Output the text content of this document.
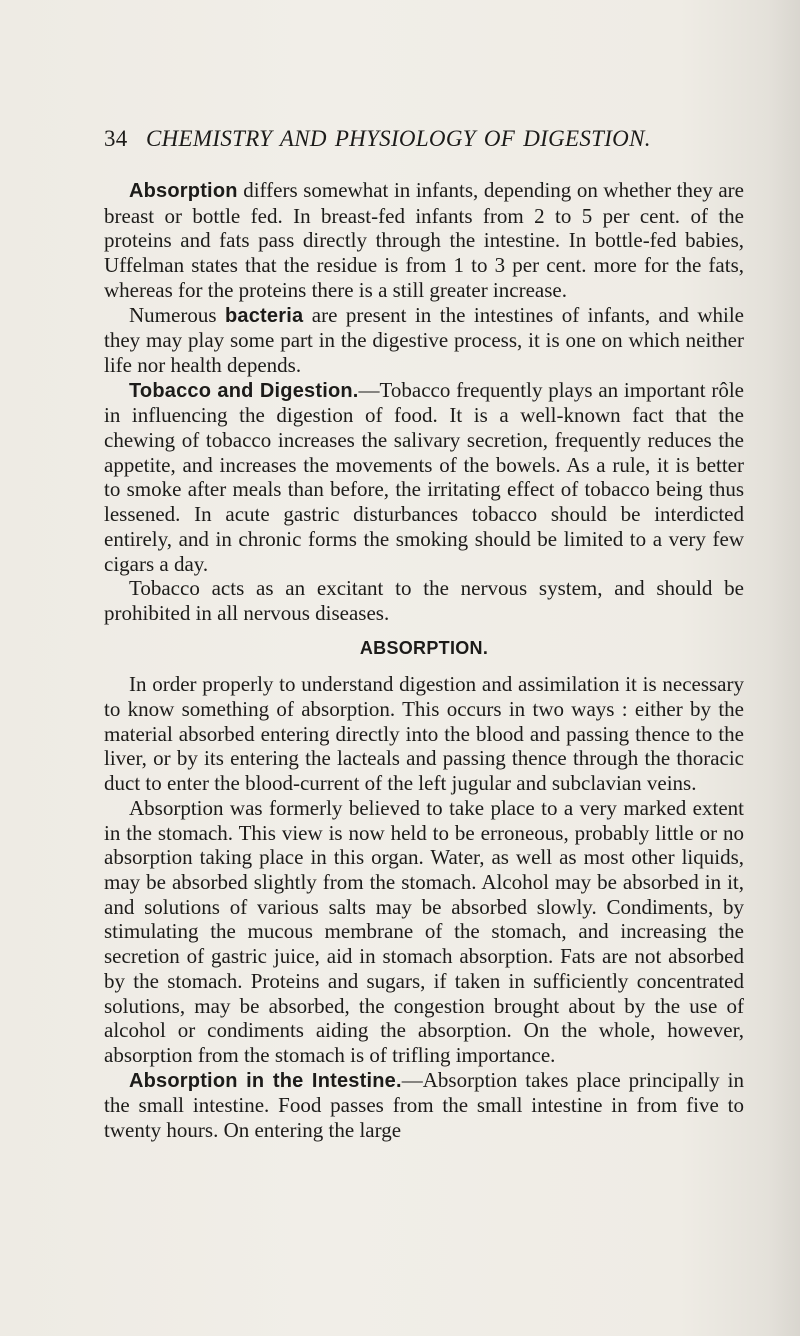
34 CHEMISTRY AND PHYSIOLOGY OF DIGESTION.

Absorption differs somewhat in infants, depending on whether they are breast or bottle fed. In breast-fed infants from 2 to 5 per cent. of the proteins and fats pass directly through the intestine. In bottle-fed babies, Uffelman states that the residue is from 1 to 3 per cent. more for the fats, whereas for the proteins there is a still greater increase.

Numerous bacteria are present in the intestines of infants, and while they may play some part in the digestive process, it is one on which neither life nor health depends.

Tobacco and Digestion.—Tobacco frequently plays an important rôle in influencing the digestion of food. It is a well-known fact that the chewing of tobacco increases the salivary secretion, frequently reduces the appetite, and increases the movements of the bowels. As a rule, it is better to smoke after meals than before, the irritating effect of tobacco being thus lessened. In acute gastric disturbances tobacco should be interdicted entirely, and in chronic forms the smoking should be limited to a very few cigars a day.

Tobacco acts as an excitant to the nervous system, and should be prohibited in all nervous diseases.

ABSORPTION.

In order properly to understand digestion and assimilation it is necessary to know something of absorption. This occurs in two ways : either by the material absorbed entering directly into the blood and passing thence to the liver, or by its entering the lacteals and passing thence through the thoracic duct to enter the blood-current of the left jugular and subclavian veins.

Absorption was formerly believed to take place to a very marked extent in the stomach. This view is now held to be erroneous, probably little or no absorption taking place in this organ. Water, as well as most other liquids, may be absorbed slightly from the stomach. Alcohol may be absorbed in it, and solutions of various salts may be absorbed slowly. Condiments, by stimulating the mucous membrane of the stomach, and increasing the secretion of gastric juice, aid in stomach absorption. Fats are not absorbed by the stomach. Proteins and sugars, if taken in sufficiently concentrated solutions, may be absorbed, the congestion brought about by the use of alcohol or condiments aiding the absorption. On the whole, however, absorption from the stomach is of trifling importance.

Absorption in the Intestine.—Absorption takes place principally in the small intestine. Food passes from the small intestine in from five to twenty hours. On entering the large
